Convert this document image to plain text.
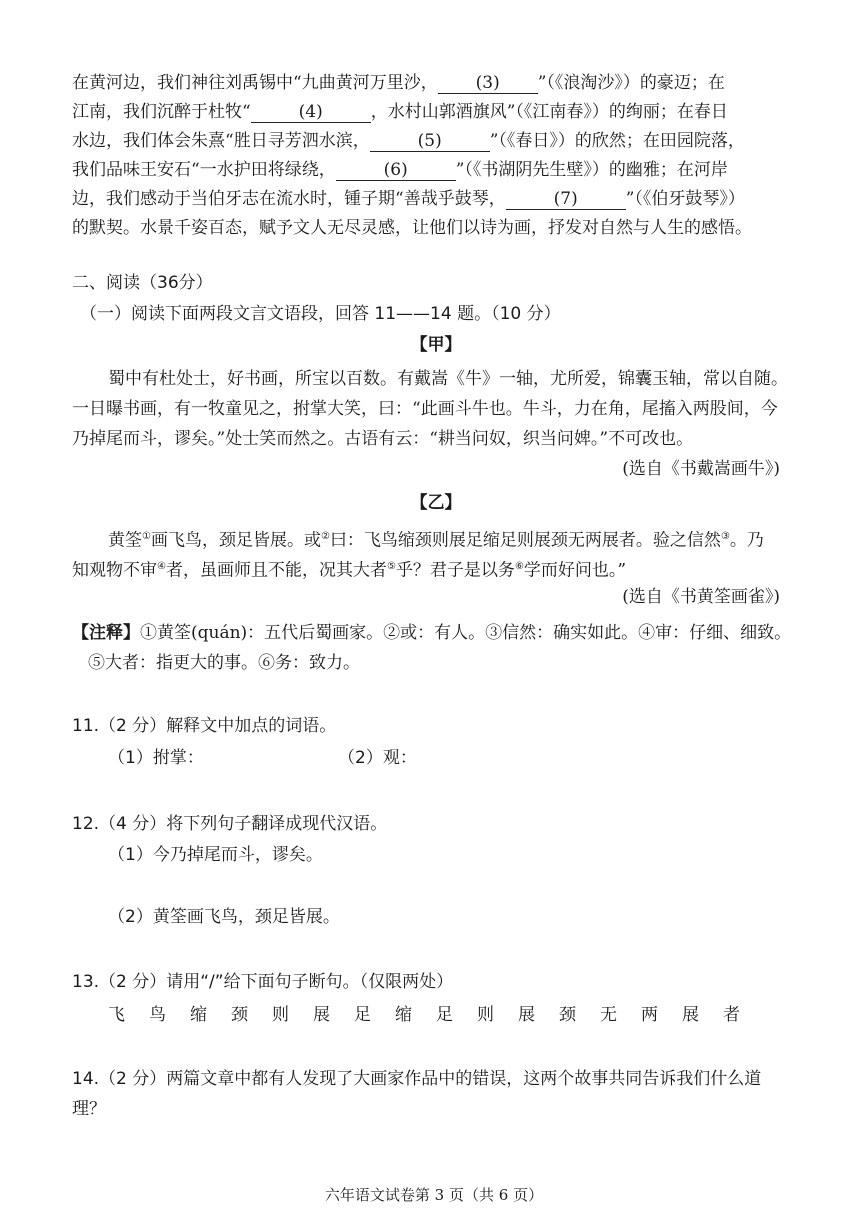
在黄河边，我们神往刘禹锡中“九曲黄河万里沙， (3) ”（《浪淘沙》）的豪迈；在
江南，我们沉醉于杜牧“	(4)	，水村山郭酒旗风”（《江南春》）的绚丽；在春日
水边，我们体会朱熹“胜日寻芳泗水滨，	(5)	”（《春日》）的欣然；在田园院落，
我们品味王安石“一水护田将绿绕，	(6)	”（《书湖阴先生壁》）的幽雅；在河岸
边，我们感动于当伯牙志在流水时，锺子期“善哉乎鼓琴，	(7)	”（《伯牙鼓琴》）
的默契。水景千姿百态，赋予文人无尽灵感，让他们以诗为画，抒发对自然与人生的感悟。
二、阅读（36分）
（一）阅读下面两段文言文语段，回答 11——14 题。（10 分）
【甲】
蜀中有杜处士，好书画，所宝以百数。有戴嵩《牛》一轴，尤所爱，锦囊玉轴，常以自随。
一日曝书画，有一牧童见之，拊掌大笑，曰：“此画斗牛也。牛斗，力在角，尾搐入两股间，今
乃掉尾而斗，谬矣。”处士笑而然之。古语有云：“耕当问奴，织当问婢。”不可改也。
(选自《书戴嵩画牛》)
【乙】
黄筌①画飞鸟，颈足皆展。或②曰：飞鸟缩颈则展足缩足则展颈无两展者。验之信然③。乃
知观物不审④者，虽画师且不能，况其大者⑤乎？君子是以务⑥学而好问也。”
(选自《书黄筌画雀》)
【注释】①黄筌(quán)：五代后蜀画家。②或：有人。③信然：确实如此。④审：仔细、细致。
⑤大者：指更大的事。⑥务：致力。
11.（2 分）解释文中加点的词语。
（1）拊掌：	（2）观：
12.（4 分）将下列句子翻译成现代汉语。
（1）今乃掉尾而斗，谬矣。
（2）黄筌画飞鸟，颈足皆展。
13.（2 分）请用“/”给下面句子断句。（仅限两处）
飞鸟缩颈则展足缩足则展颈无两展者
14.（2 分）两篇文章中都有人发现了大画家作品中的错误，这两个故事共同告诉我们什么道
理？
六年语文试卷第 3 页（共 6 页）
